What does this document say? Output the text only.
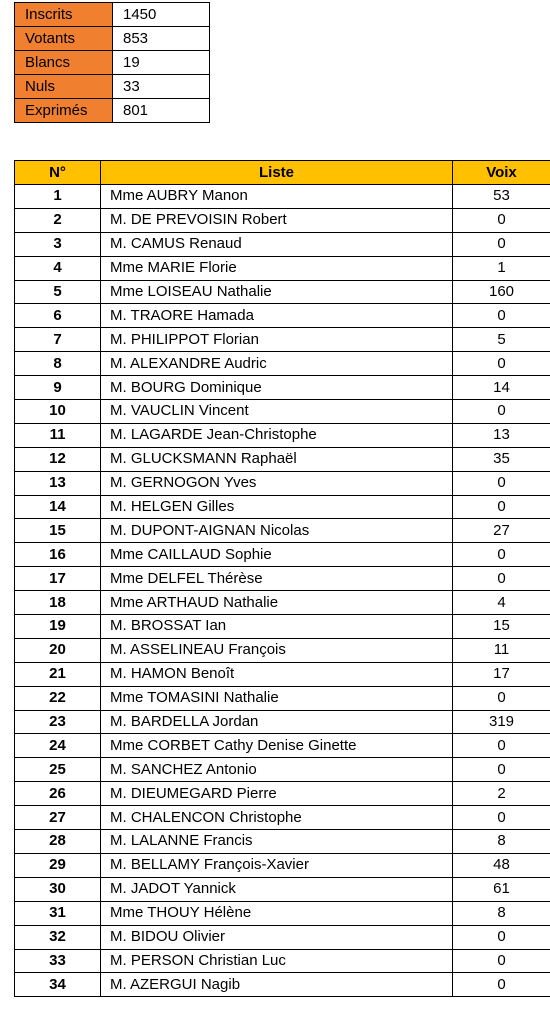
Inscrits	1450
Votants	853
Blancs	19
Nuls	33
Exprimés	801
N°	Liste	Voix
1	Mme AUBRY Manon	53
2	M. DE PREVOISIN Robert	0
3	M. CAMUS Renaud	0
4	Mme MARIE Florie	1
5	Mme LOISEAU Nathalie	160
6	M. TRAORE Hamada	0
7	M. PHILIPPOT Florian	5
8	M. ALEXANDRE Audric	0
9	M. BOURG Dominique	14
10	M. VAUCLIN Vincent	0
11	M. LAGARDE Jean-Christophe	13
12	M. GLUCKSMANN Raphaël	35
13	M. GERNOGON Yves	0
14	M. HELGEN Gilles	0
15	M. DUPONT-AIGNAN Nicolas	27
16	Mme CAILLAUD Sophie	0
17	Mme DELFEL Thérèse	0
18	Mme ARTHAUD Nathalie	4
19	M. BROSSAT Ian	15
20	M. ASSELINEAU François	11
21	M. HAMON Benoît	17
22	Mme TOMASINI Nathalie	0
23	M. BARDELLA Jordan	319
24	Mme CORBET Cathy Denise Ginette	0
25	M. SANCHEZ Antonio	0
26	M. DIEUMEGARD Pierre	2
27	M. CHALENCON Christophe	0
28	M. LALANNE Francis	8
29	M. BELLAMY François-Xavier	48
30	M. JADOT Yannick	61
31	Mme THOUY Hélène	8
32	M. BIDOU Olivier	0
33	M. PERSON Christian Luc	0
34	M. AZERGUI Nagib	0
